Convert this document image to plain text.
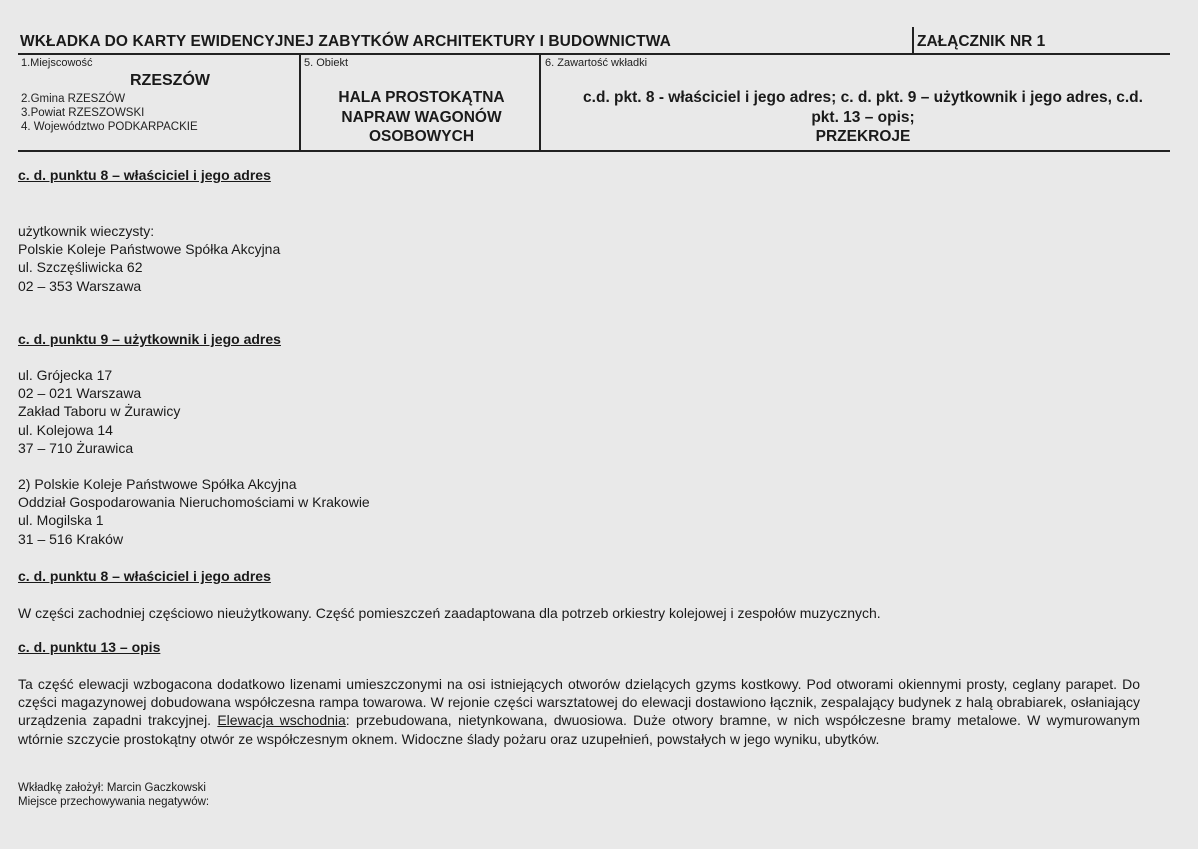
WKŁADKA DO KARTY EWIDENCYJNEJ ZABYTKÓW ARCHITEKTURY I BUDOWNICTWA	ZAŁĄCZNIK NR 1
1.Miejscowość
RZESZÓW
2.Gmina RZESZÓW
3.Powiat RZESZOWSKI
4. Województwo PODKARPACKIE
5. Obiekt
HALA PROSTOKĄTNA
NAPRAW WAGONÓW
OSOBOWYCH
6. Zawartość wkładki
c.d. pkt. 8 - właściciel i jego adres; c. d. pkt. 9 – użytkownik i jego adres, c.d.
pkt. 13 – opis;
PRZEKROJE
c. d. punktu 8 – właściciel i jego adres
użytkownik wieczysty:
Polskie Koleje Państwowe Spółka Akcyjna
ul. Szczęśliwicka 62
02 – 353 Warszawa
c. d. punktu 9 – użytkownik i jego adres
ul. Grójecka 17
02 – 021 Warszawa
Zakład Taboru w Żurawicy
ul. Kolejowa 14
37 – 710 Żurawica
2) Polskie Koleje Państwowe Spółka Akcyjna
Oddział Gospodarowania Nieruchomościami w Krakowie
ul. Mogilska 1
31 – 516 Kraków
c. d. punktu 8 – właściciel i jego adres
W części zachodniej częściowo nieużytkowany. Część pomieszczeń zaadaptowana dla potrzeb orkiestry kolejowej i zespołów muzycznych.
c. d. punktu 13 – opis
Ta część elewacji wzbogacona dodatkowo lizenami umieszczonymi na osi istniejących otworów dzielących gzyms kostkowy. Pod otworami okiennymi prosty, ceglany parapet. Do części magazynowej dobudowana współczesna rampa towarowa. W rejonie części warsztatowej do elewacji dostawiono łącznik, zespalający budynek z halą obrabiarek, osłaniający urządzenia zapadni trakcyjnej. Elewacja wschodnia: przebudowana, nietynkowana, dwuosiowa. Duże otwory bramne, w nich współczesne bramy metalowe. W wymurowanym wtórnie szczycie prostokątny otwór ze współczesnym oknem. Widoczne ślady pożaru oraz uzupełnień, powstałych w jego wyniku, ubytków.
Wkładkę założył: Marcin Gaczkowski
Miejsce przechowywania negatywów:
